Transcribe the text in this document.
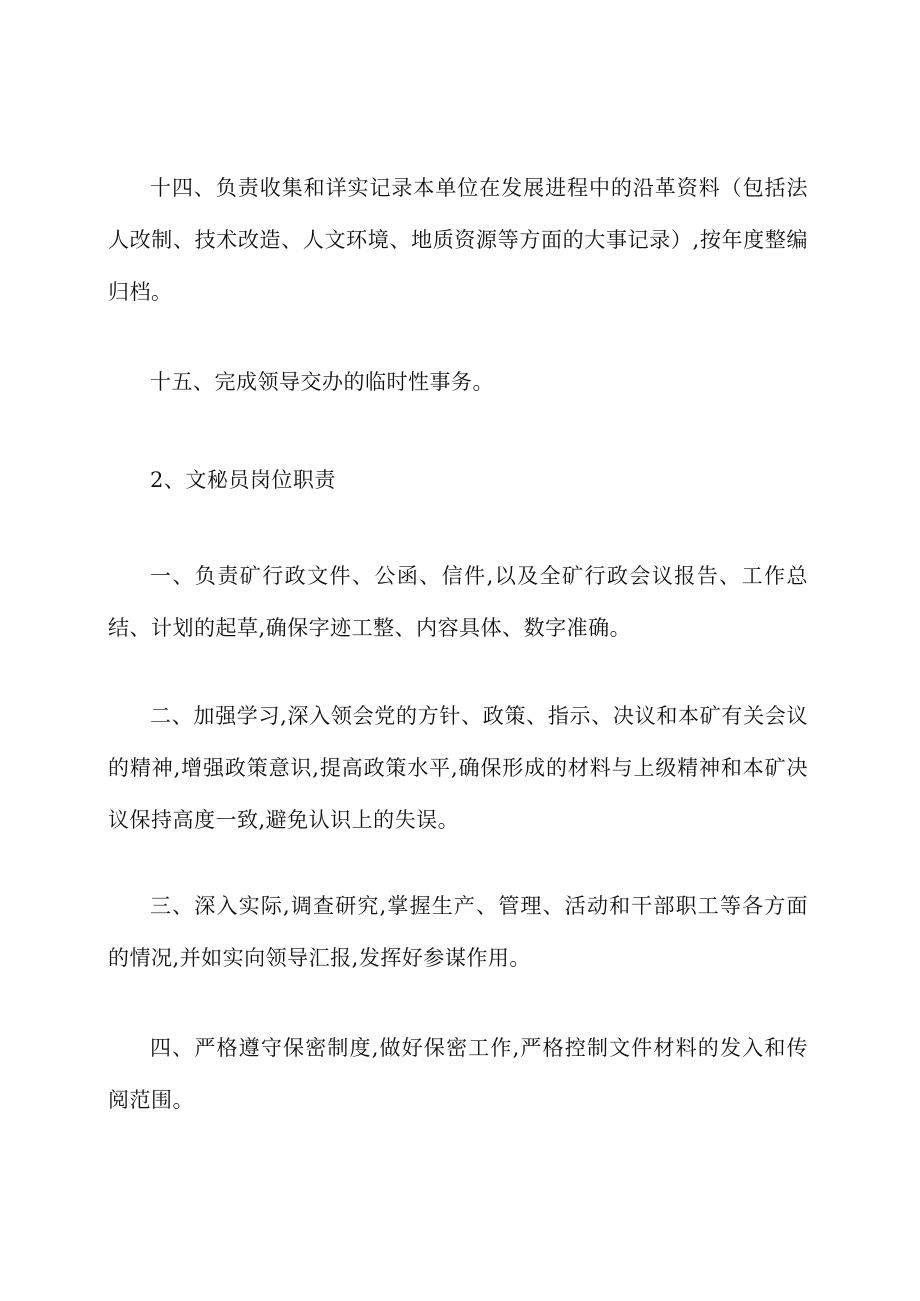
十四、负责收集和详实记录本单位在发展进程中的沿革资料（包括法人改制、技术改造、人文环境、地质资源等方面的大事记录）,按年度整编归档。

十五、完成领导交办的临时性事务。

2、文秘员岗位职责

一、负责矿行政文件、公函、信件,以及全矿行政会议报告、工作总结、计划的起草,确保字迹工整、内容具体、数字准确。

二、加强学习,深入领会党的方针、政策、指示、决议和本矿有关会议的精神,增强政策意识,提高政策水平,确保形成的材料与上级精神和本矿决议保持高度一致,避免认识上的失误。

三、深入实际,调查研究,掌握生产、管理、活动和干部职工等各方面的情况,并如实向领导汇报,发挥好参谋作用。

四、严格遵守保密制度,做好保密工作,严格控制文件材料的发入和传阅范围。
